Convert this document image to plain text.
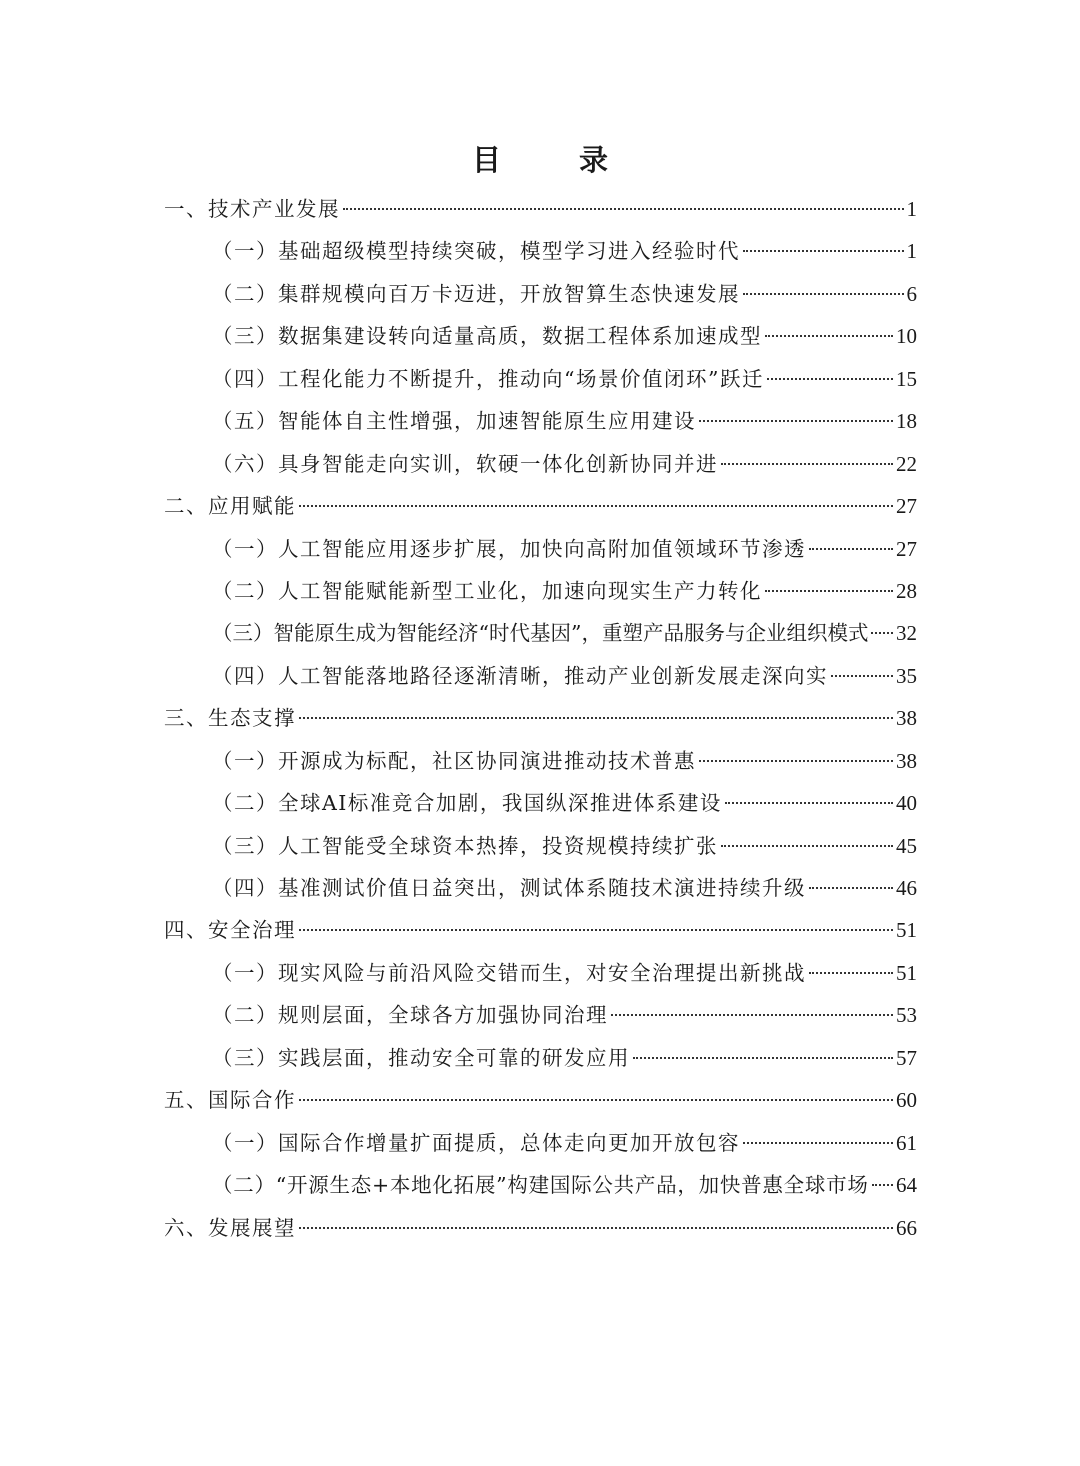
目 录
一、技术产业发展	1
（一）基础超级模型持续突破，模型学习进入经验时代	1
（二）集群规模向百万卡迈进，开放智算生态快速发展	6
（三）数据集建设转向适量高质，数据工程体系加速成型	10
（四）工程化能力不断提升，推动向“场景价值闭环”跃迁	15
（五）智能体自主性增强，加速智能原生应用建设	18
（六）具身智能走向实训，软硬一体化创新协同并进	22
二、应用赋能	27
（一）人工智能应用逐步扩展，加快向高附加值领域环节渗透	27
（二）人工智能赋能新型工业化，加速向现实生产力转化	28
（三）智能原生成为智能经济“时代基因”，重塑产品服务与企业组织模式 32
（四）人工智能落地路径逐渐清晰，推动产业创新发展走深向实	35
三、生态支撑	38
（一）开源成为标配，社区协同演进推动技术普惠	38
（二）全球AI标准竞合加剧，我国纵深推进体系建设	40
（三）人工智能受全球资本热捧，投资规模持续扩张	45
（四）基准测试价值日益突出，测试体系随技术演进持续升级	46
四、安全治理	51
（一）现实风险与前沿风险交错而生，对安全治理提出新挑战	51
（二）规则层面，全球各方加强协同治理	53
（三）实践层面，推动安全可靠的研发应用	57
五、国际合作	60
（一）国际合作增量扩面提质，总体走向更加开放包容	61
（二）“开源生态+本地化拓展”构建国际公共产品，加快普惠全球市场 64
六、发展展望	66
